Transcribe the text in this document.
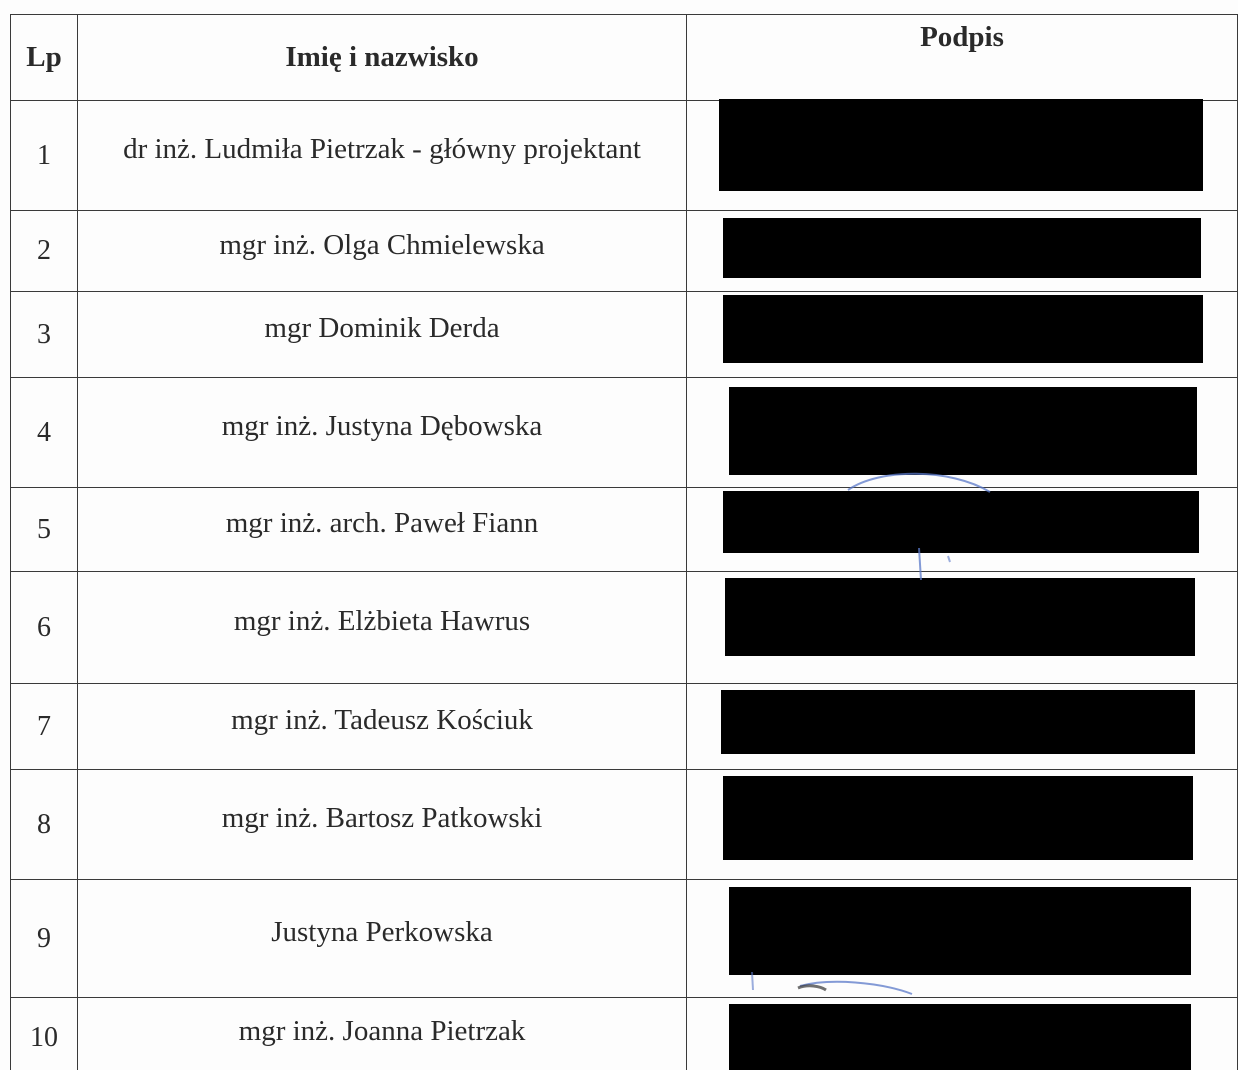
Lp	Imię i nazwisko	Podpis
1	dr inż. Ludmiła Pietrzak - główny projektant	

2	mgr inż. Olga Chmielewska	

3	mgr Dominik Derda	

4	mgr inż. Justyna Dębowska	

5	mgr inż. arch. Paweł Fiann	

6	mgr inż. Elżbieta Hawrus	

7	mgr inż. Tadeusz Kościuk	

8	mgr inż. Bartosz Patkowski	

9	Justyna Perkowska	

10	mgr inż. Joanna Pietrzak	
